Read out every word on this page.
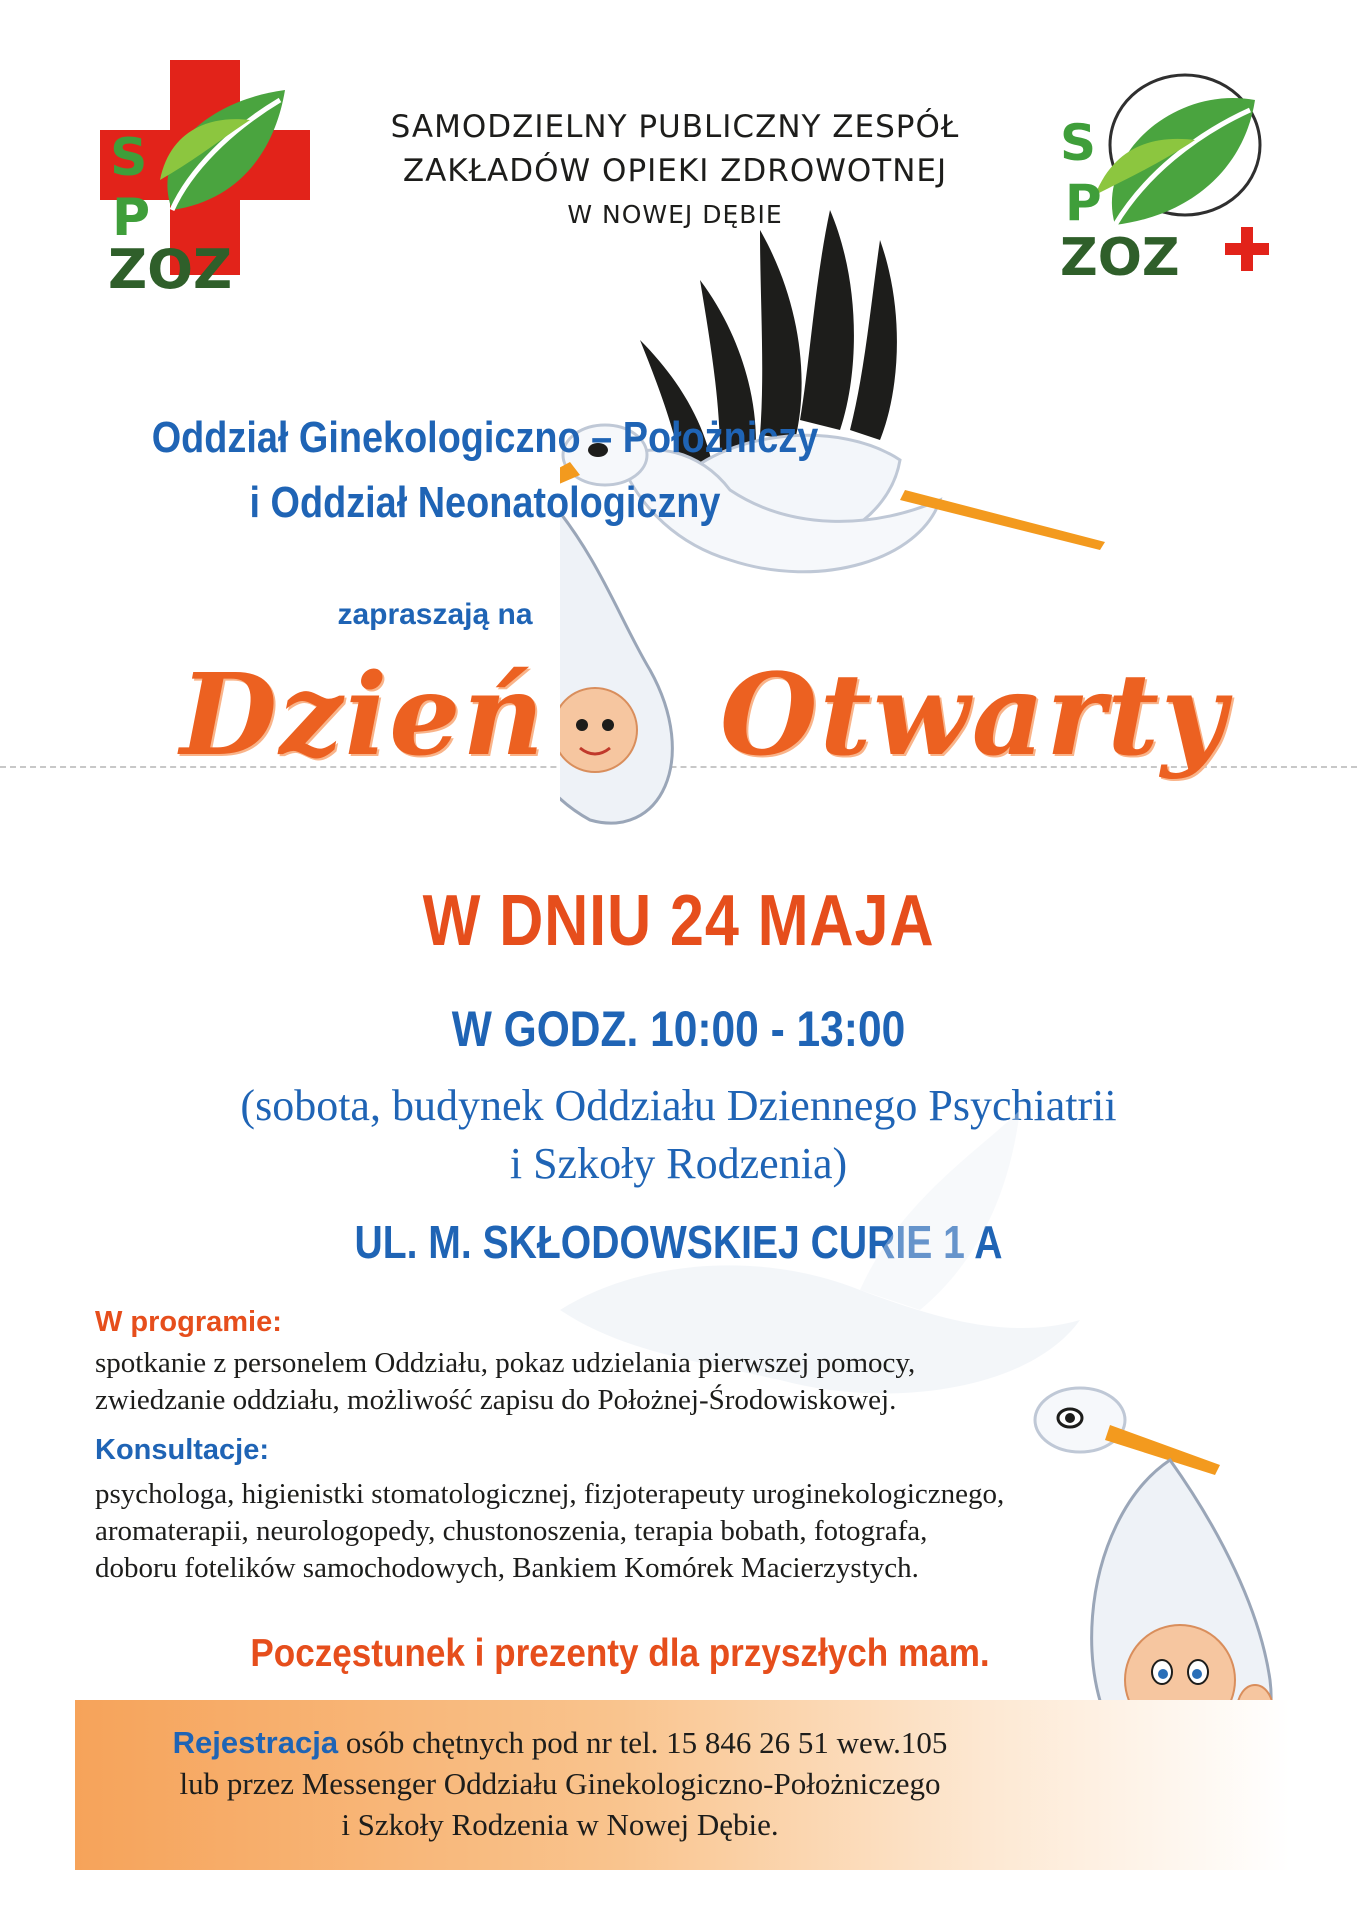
S
P
ZOZ
S
P
ZOZ
SAMODZIELNY PUBLICZNY ZESPÓŁ
ZAKŁADÓW OPIEKI ZDROWOTNEJ
W NOWEJ DĘBIE
Oddział Ginekologiczno – Położniczy
i Oddział Neonatologiczny
zapraszają na
Dzień Otwarty
W DNIU 24 MAJA
W GODZ. 10:00 - 13:00
(sobota, budynek Oddziału Dziennego Psychiatrii
i Szkoły Rodzenia)
UL. M. SKŁODOWSKIEJ CURIE 1 A
W programie:
spotkanie z personelem Oddziału, pokaz udzielania pierwszej pomocy,
zwiedzanie oddziału, możliwość zapisu do Położnej-Środowiskowej.
Konsultacje:
psychologa, higienistki stomatologicznej, fizjoterapeuty uroginekologicznego,
aromaterapii, neurologopedy, chustonoszenia, terapia bobath, fotografa,
doboru fotelików samochodowych, Bankiem Komórek Macierzystych.
Poczęstunek i prezenty dla przyszłych mam.
Rejestracja osób chętnych pod nr tel. 15 846 26 51 wew.105
lub przez Messenger Oddziału Ginekologiczno-Położniczego
i Szkoły Rodzenia w Nowej Dębie.
